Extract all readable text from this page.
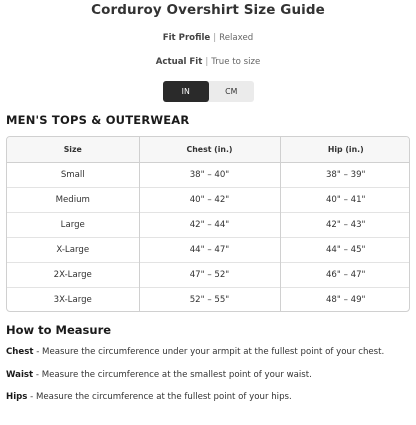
Corduroy Overshirt Size Guide
Fit Profile | Relaxed
Actual Fit | True to size
IN	CM
MEN'S TOPS & OUTERWEAR
Size	Chest (in.)	Hip (in.)
Small	38" – 40"	38" – 39"
Medium	40" – 42"	40" – 41"
Large	42" – 44"	42" – 43"
X-Large	44" – 47"	44" – 45"
2X-Large	47" – 52"	46" – 47"
3X-Large	52" – 55"	48" – 49"
How to Measure
Chest - Measure the circumference under your armpit at the fullest point of your chest.
Waist - Measure the circumference at the smallest point of your waist.
Hips - Measure the circumference at the fullest point of your hips.
